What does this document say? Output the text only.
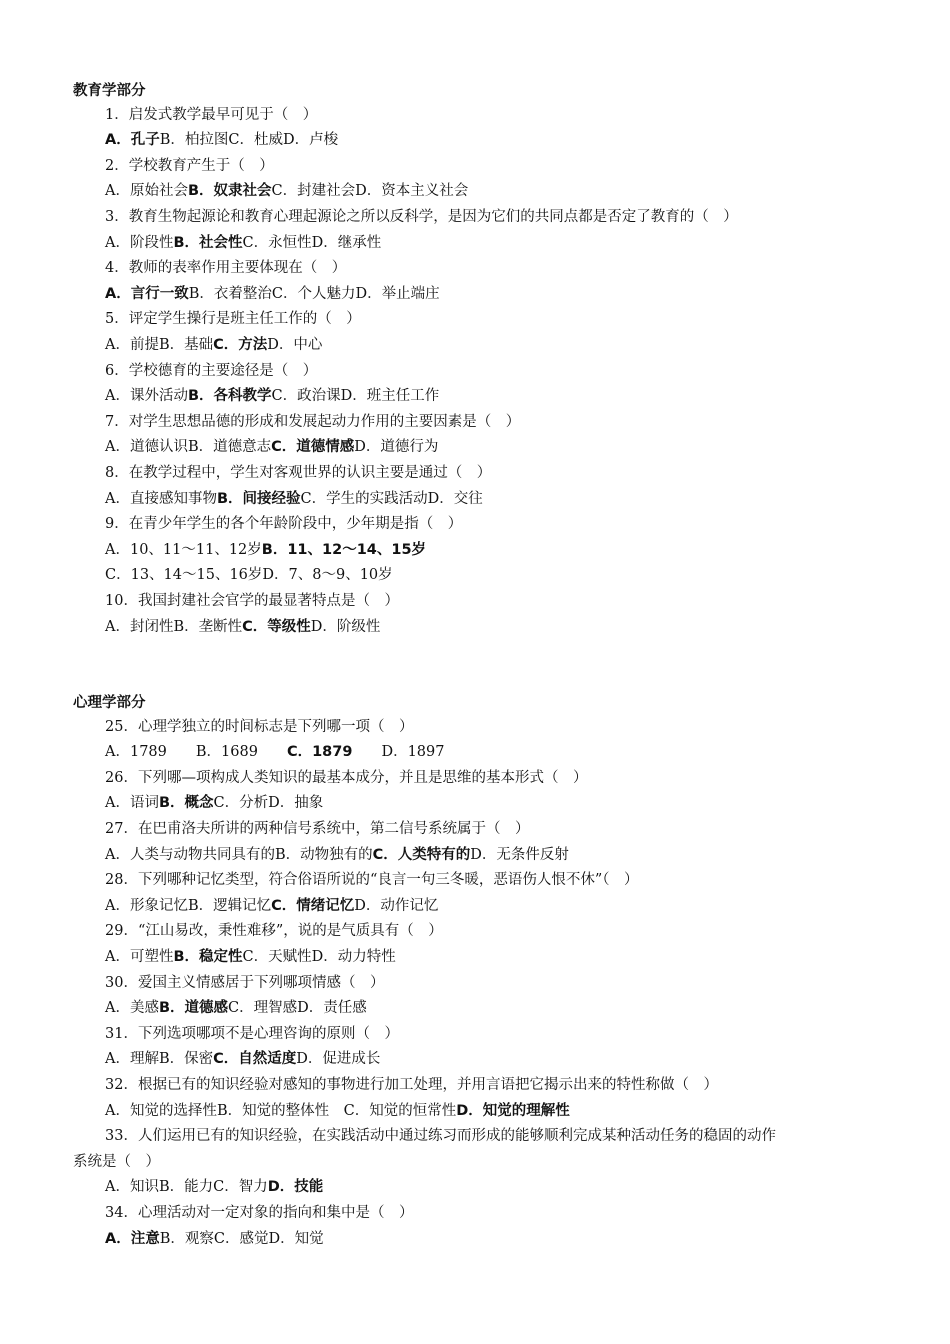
教育学部分
1．启发式教学最早可见于（　）
A．孔子B．柏拉图C．杜威D．卢梭
2．学校教育产生于（　）
A．原始社会B．奴隶社会C．封建社会D．资本主义社会
3．教育生物起源论和教育心理起源论之所以反科学，是因为它们的共同点都是否定了教育的（　）
A．阶段性B．社会性C．永恒性D．继承性
4．教师的表率作用主要体现在（　）
A．言行一致B．衣着整治C．个人魅力D．举止端庄
5．评定学生操行是班主任工作的（　）
A．前提B．基础C．方法D．中心
6．学校德育的主要途径是（　）
A．课外活动B．各科教学C．政治课D．班主任工作
7．对学生思想品德的形成和发展起动力作用的主要因素是（　）
A．道德认识B．道德意志C．道德情感D．道德行为
8．在教学过程中，学生对客观世界的认识主要是通过（　）
A．直接感知事物B．间接经验C．学生的实践活动D．交往
9．在青少年学生的各个年龄阶段中，少年期是指（　）
A．10、11～11、12岁B．11、12～14、15岁
C．13、14～15、16岁D．7、8～9、10岁
10．我国封建社会官学的最显著特点是（　）
A．封闭性B．垄断性C．等级性D．阶级性
心理学部分
25．心理学独立的时间标志是下列哪一项（　）
A．1789　　B．1689　　C．1879　　D．1897
26．下列哪—项构成人类知识的最基本成分，并且是思维的基本形式（　）
A．语词B．概念C．分析D．抽象
27．在巴甫洛夫所讲的两种信号系统中，第二信号系统属于（　）
A．人类与动物共同具有的B．动物独有的C．人类特有的D．无条件反射
28．下列哪种记忆类型，符合俗语所说的“良言一句三冬暖，恶语伤人恨不休”（　）
A．形象记忆B．逻辑记忆C．情绪记忆D．动作记忆
29．“江山易改，秉性难移”，说的是气质具有（　）
A．可塑性B．稳定性C．天赋性D．动力特性
30．爱国主义情感居于下列哪项情感（　）
A．美感B．道德感C．理智感D．责任感
31．下列选项哪项不是心理咨询的原则（　）
A．理解B．保密C．自然适度D．促进成长
32．根据已有的知识经验对感知的事物进行加工处理，并用言语把它揭示出来的特性称做（　）
A．知觉的选择性B．知觉的整体性　C．知觉的恒常性D．知觉的理解性
33．人们运用已有的知识经验，在实践活动中通过练习而形成的能够顺利完成某种活动任务的稳固的动作
系统是（　）
A．知识B．能力C．智力D．技能
34．心理活动对一定对象的指向和集中是（　）
A．注意B．观察C．感觉D．知觉
